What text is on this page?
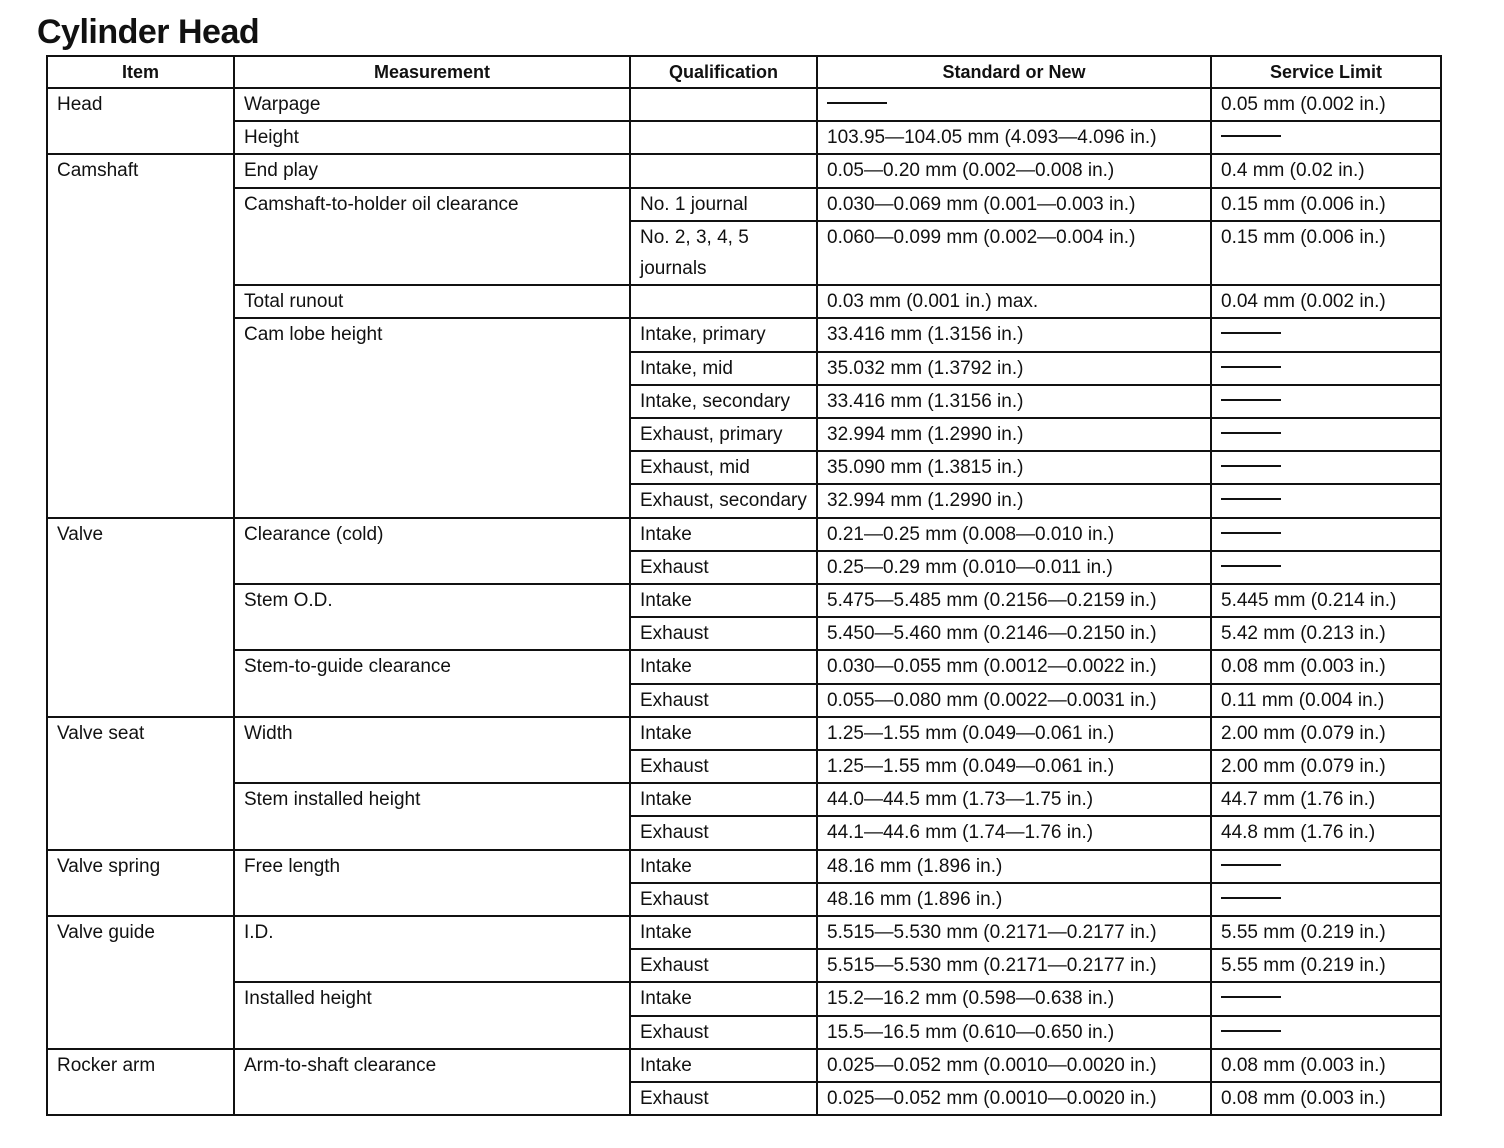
Cylinder Head
Item	Measurement	Qualification	Standard or New	Service Limit
Head	Warpage			0.05 mm (0.002 in.)
	Height		103.95—104.05 mm (4.093—4.096 in.)	
Camshaft	End play		0.05—0.20 mm (0.002—0.008 in.)	0.4 mm (0.02 in.)
	Camshaft-to-holder oil clearance	No. 1 journal	0.030—0.069 mm (0.001—0.003 in.)	0.15 mm (0.006 in.)
		No. 2, 3, 4, 5 journals	0.060—0.099 mm (0.002—0.004 in.)	0.15 mm (0.006 in.)
	Total runout		0.03 mm (0.001 in.) max.	0.04 mm (0.002 in.)
	Cam lobe height	Intake, primary	33.416 mm (1.3156 in.)	
		Intake, mid	35.032 mm (1.3792 in.)	
		Intake, secondary	33.416 mm (1.3156 in.)	
		Exhaust, primary	32.994 mm (1.2990 in.)	
		Exhaust, mid	35.090 mm (1.3815 in.)	
		Exhaust, secondary	32.994 mm (1.2990 in.)	
Valve	Clearance (cold)	Intake	0.21—0.25 mm (0.008—0.010 in.)	
		Exhaust	0.25—0.29 mm (0.010—0.011 in.)	
	Stem O.D.	Intake	5.475—5.485 mm (0.2156—0.2159 in.)	5.445 mm (0.214 in.)
		Exhaust	5.450—5.460 mm (0.2146—0.2150 in.)	5.42 mm (0.213 in.)
	Stem-to-guide clearance	Intake	0.030—0.055 mm (0.0012—0.0022 in.)	0.08 mm (0.003 in.)
		Exhaust	0.055—0.080 mm (0.0022—0.0031 in.)	0.11 mm (0.004 in.)
Valve seat	Width	Intake	1.25—1.55 mm (0.049—0.061 in.)	2.00 mm (0.079 in.)
		Exhaust	1.25—1.55 mm (0.049—0.061 in.)	2.00 mm (0.079 in.)
	Stem installed height	Intake	44.0—44.5 mm (1.73—1.75 in.)	44.7 mm (1.76 in.)
		Exhaust	44.1—44.6 mm (1.74—1.76 in.)	44.8 mm (1.76 in.)
Valve spring	Free length	Intake	48.16 mm (1.896 in.)	
		Exhaust	48.16 mm (1.896 in.)	
Valve guide	I.D.	Intake	5.515—5.530 mm (0.2171—0.2177 in.)	5.55 mm (0.219 in.)
		Exhaust	5.515—5.530 mm (0.2171—0.2177 in.)	5.55 mm (0.219 in.)
	Installed height	Intake	15.2—16.2 mm (0.598—0.638 in.)	
		Exhaust	15.5—16.5 mm (0.610—0.650 in.)	
Rocker arm	Arm-to-shaft clearance	Intake	0.025—0.052 mm (0.0010—0.0020 in.)	0.08 mm (0.003 in.)
		Exhaust	0.025—0.052 mm (0.0010—0.0020 in.)	0.08 mm (0.003 in.)
